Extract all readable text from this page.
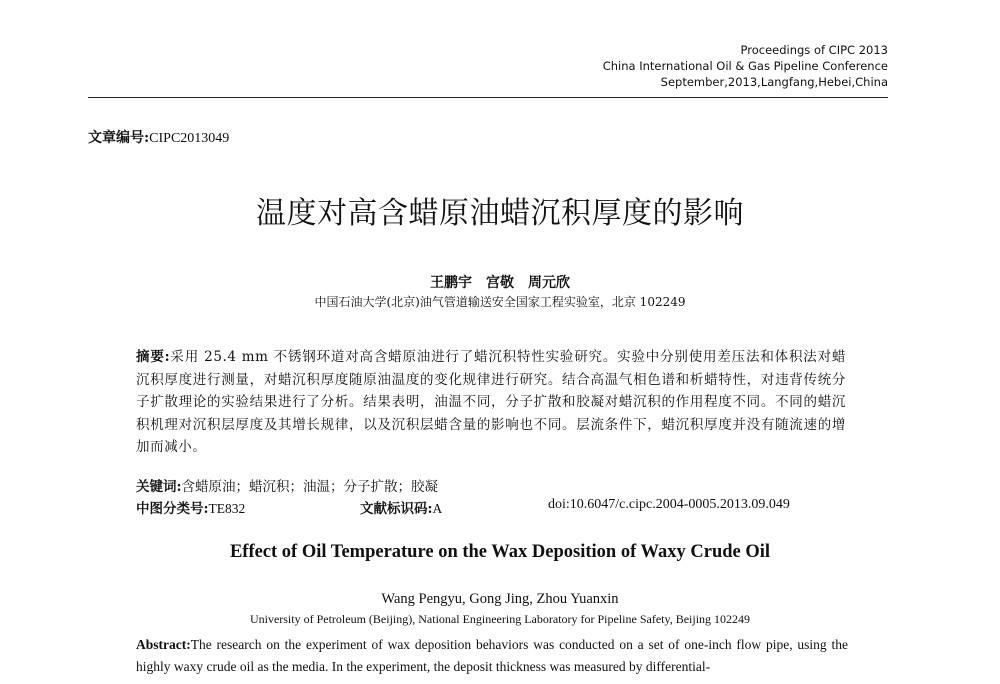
Proceedings of CIPC 2013
China International Oil & Gas Pipeline Conference
September,2013,Langfang,Hebei,China
文章编号:CIPC2013049
温度对高含蜡原油蜡沉积厚度的影响
王鹏宇　宫敬　周元欣
中国石油大学(北京)油气管道输送安全国家工程实验室，北京 102249
摘要:采用 25.4 mm 不锈钢环道对高含蜡原油进行了蜡沉积特性实验研究。实验中分别使用差压法和体积法对蜡沉积厚度进行测量，对蜡沉积厚度随原油温度的变化规律进行研究。结合高温气相色谱和析蜡特性，对违背传统分子扩散理论的实验结果进行了分析。结果表明，油温不同，分子扩散和胶凝对蜡沉积的作用程度不同。不同的蜡沉积机理对沉积层厚度及其增长规律，以及沉积层蜡含量的影响也不同。层流条件下，蜡沉积厚度并没有随流速的增加而减小。
关键词:含蜡原油；蜡沉积；油温；分子扩散；胶凝
中图分类号:TE832	文献标识码:A	doi:10.6047/c.cipc.2004-0005.2013.09.049
Effect of Oil Temperature on the Wax Deposition of Waxy Crude Oil
Wang Pengyu, Gong Jing, Zhou Yuanxin
University of Petroleum (Beijing), National Engineering Laboratory for Pipeline Safety, Beijing 102249
Abstract:The research on the experiment of wax deposition behaviors was conducted on a set of one-inch flow pipe, using the highly waxy crude oil as the media. In the experiment, the deposit thickness was measured by differential-
